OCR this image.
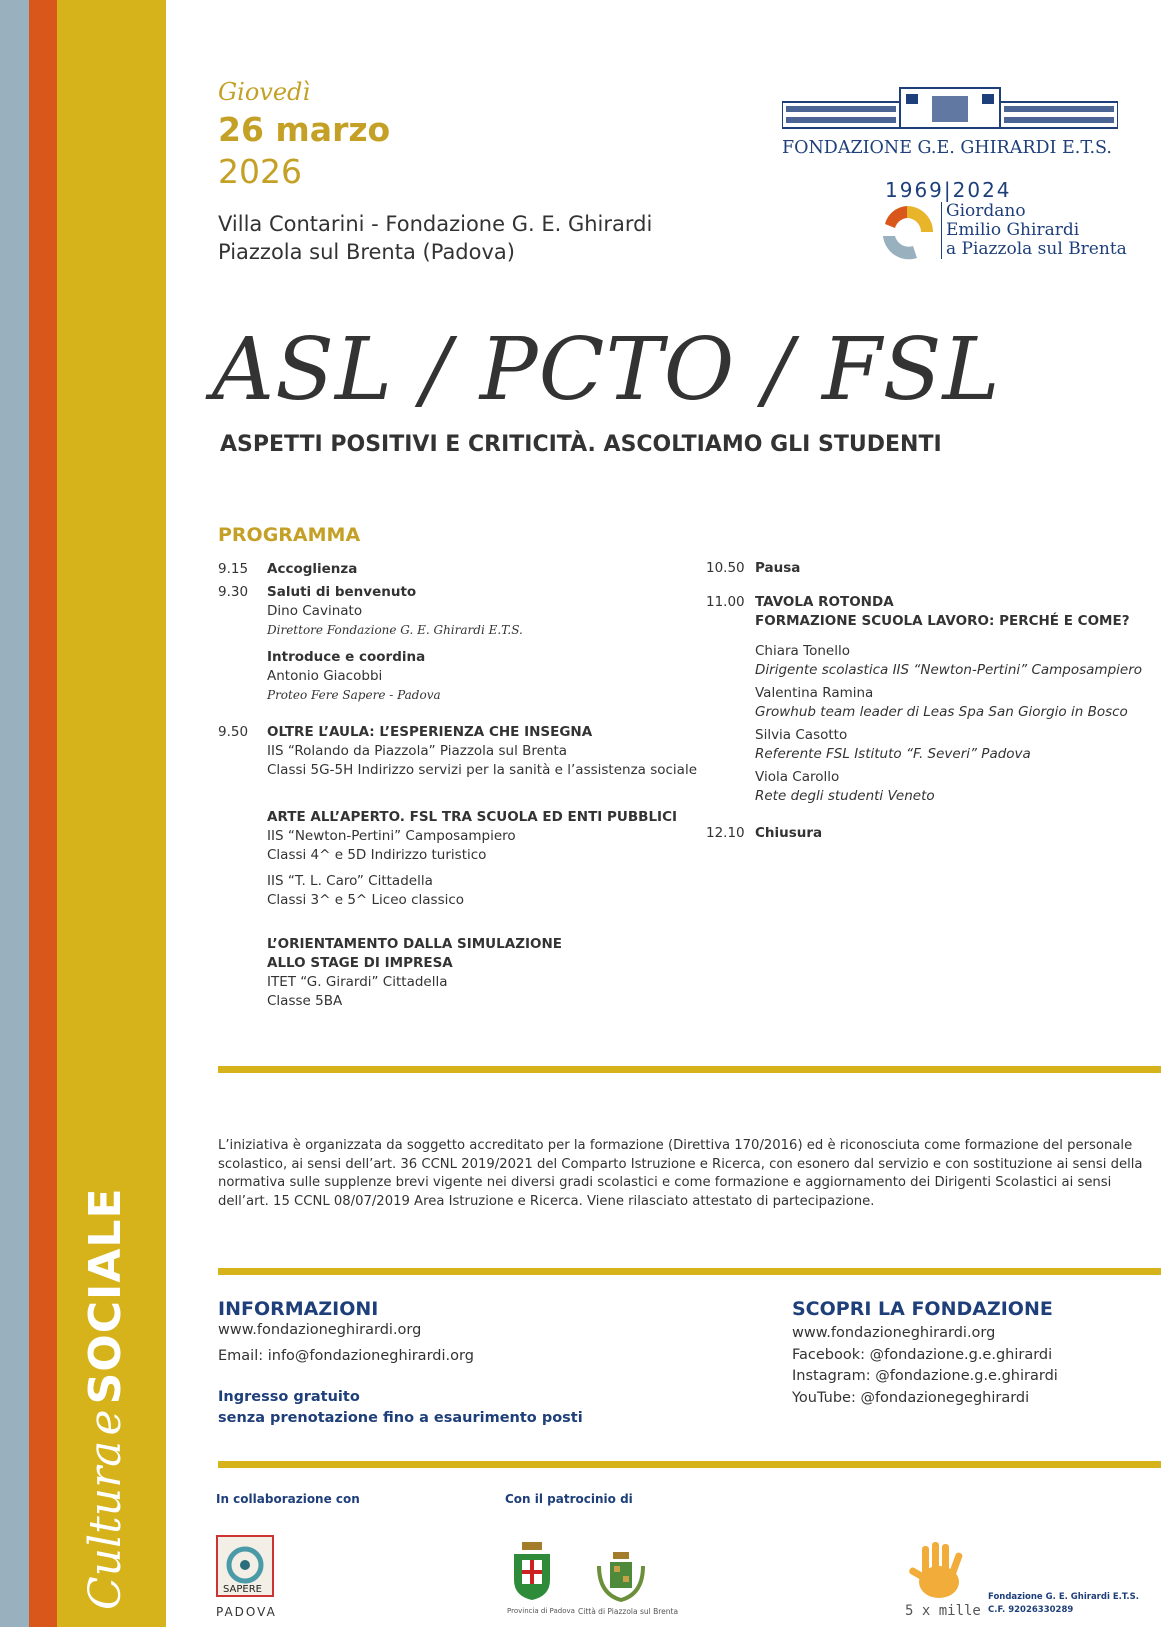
Cultura e SOCIALE
Giovedì
26 marzo
2026
Villa Contarini - Fondazione G. E. Ghirardi
Piazzola sul Brenta (Padova)
FONDAZIONE G.E. GHIRARDI E.T.S.
1969|2024
Giordano
Emilio Ghirardi
a Piazzola sul Brenta
ASL / PCTO / FSL
ASPETTI POSITIVI E CRITICITÀ. ASCOLTIAMO GLI STUDENTI
PROGRAMMA
9.15	Accoglienza
9.30	Saluti di benvenuto
Dino Cavinato
Direttore Fondazione G. E. Ghirardi E.T.S.
Introduce e coordina
Antonio Giacobbi
Proteo Fere Sapere - Padova
9.50	OLTRE L’AULA: L’ESPERIENZA CHE INSEGNA
IIS “Rolando da Piazzola” Piazzola sul Brenta
Classi 5G-5H Indirizzo servizi per la sanità e l’assistenza sociale
ARTE ALL’APERTO. FSL TRA SCUOLA ED ENTI PUBBLICI
IIS “Newton-Pertini” Camposampiero
Classi 4^ e 5D Indirizzo turistico
IIS “T. L. Caro” Cittadella
Classi 3^ e 5^ Liceo classico
L’ORIENTAMENTO DALLA SIMULAZIONE
ALLO STAGE DI IMPRESA
ITET “G. Girardi” Cittadella
Classe 5BA
10.50 Pausa
11.00 TAVOLA ROTONDA
FORMAZIONE SCUOLA LAVORO: PERCHÉ E COME?
Chiara Tonello
Dirigente scolastica IIS “Newton-Pertini” Camposampiero
Valentina Ramina
Growhub team leader di Leas Spa San Giorgio in Bosco
Silvia Casotto
Referente FSL Istituto “F. Severi” Padova
Viola Carollo
Rete degli studenti Veneto
12.10 Chiusura
L’iniziativa è organizzata da soggetto accreditato per la formazione (Direttiva 170/2016) ed è riconosciuta come formazione del personale scolastico, ai sensi dell’art. 36 CCNL 2019/2021 del Comparto Istruzione e Ricerca, con esonero dal servizio e con sostituzione ai sensi della normativa sulle supplenze brevi vigente nei diversi gradi scolastici e come formazione e aggiornamento dei Dirigenti Scolastici ai sensi dell’art. 15 CCNL 08/07/2019 Area Istruzione e Ricerca. Viene rilasciato attestato di partecipazione.
INFORMAZIONI
www.fondazioneghirardi.org
Email: info@fondazioneghirardi.org
Ingresso gratuito
senza prenotazione fino a esaurimento posti
SCOPRI LA FONDAZIONE
www.fondazioneghirardi.org
Facebook: @fondazione.g.e.ghirardi
Instagram: @fondazione.g.e.ghirardi
YouTube: @fondazionegeghirardi
In collaborazione con
SAPERE
PADOVA
Con il patrocinio di
Provincia di Padova Città di Piazzola sul Brenta	5 x mille
Fondazione G. E. Ghirardi E.T.S.
C.F. 92026330289
